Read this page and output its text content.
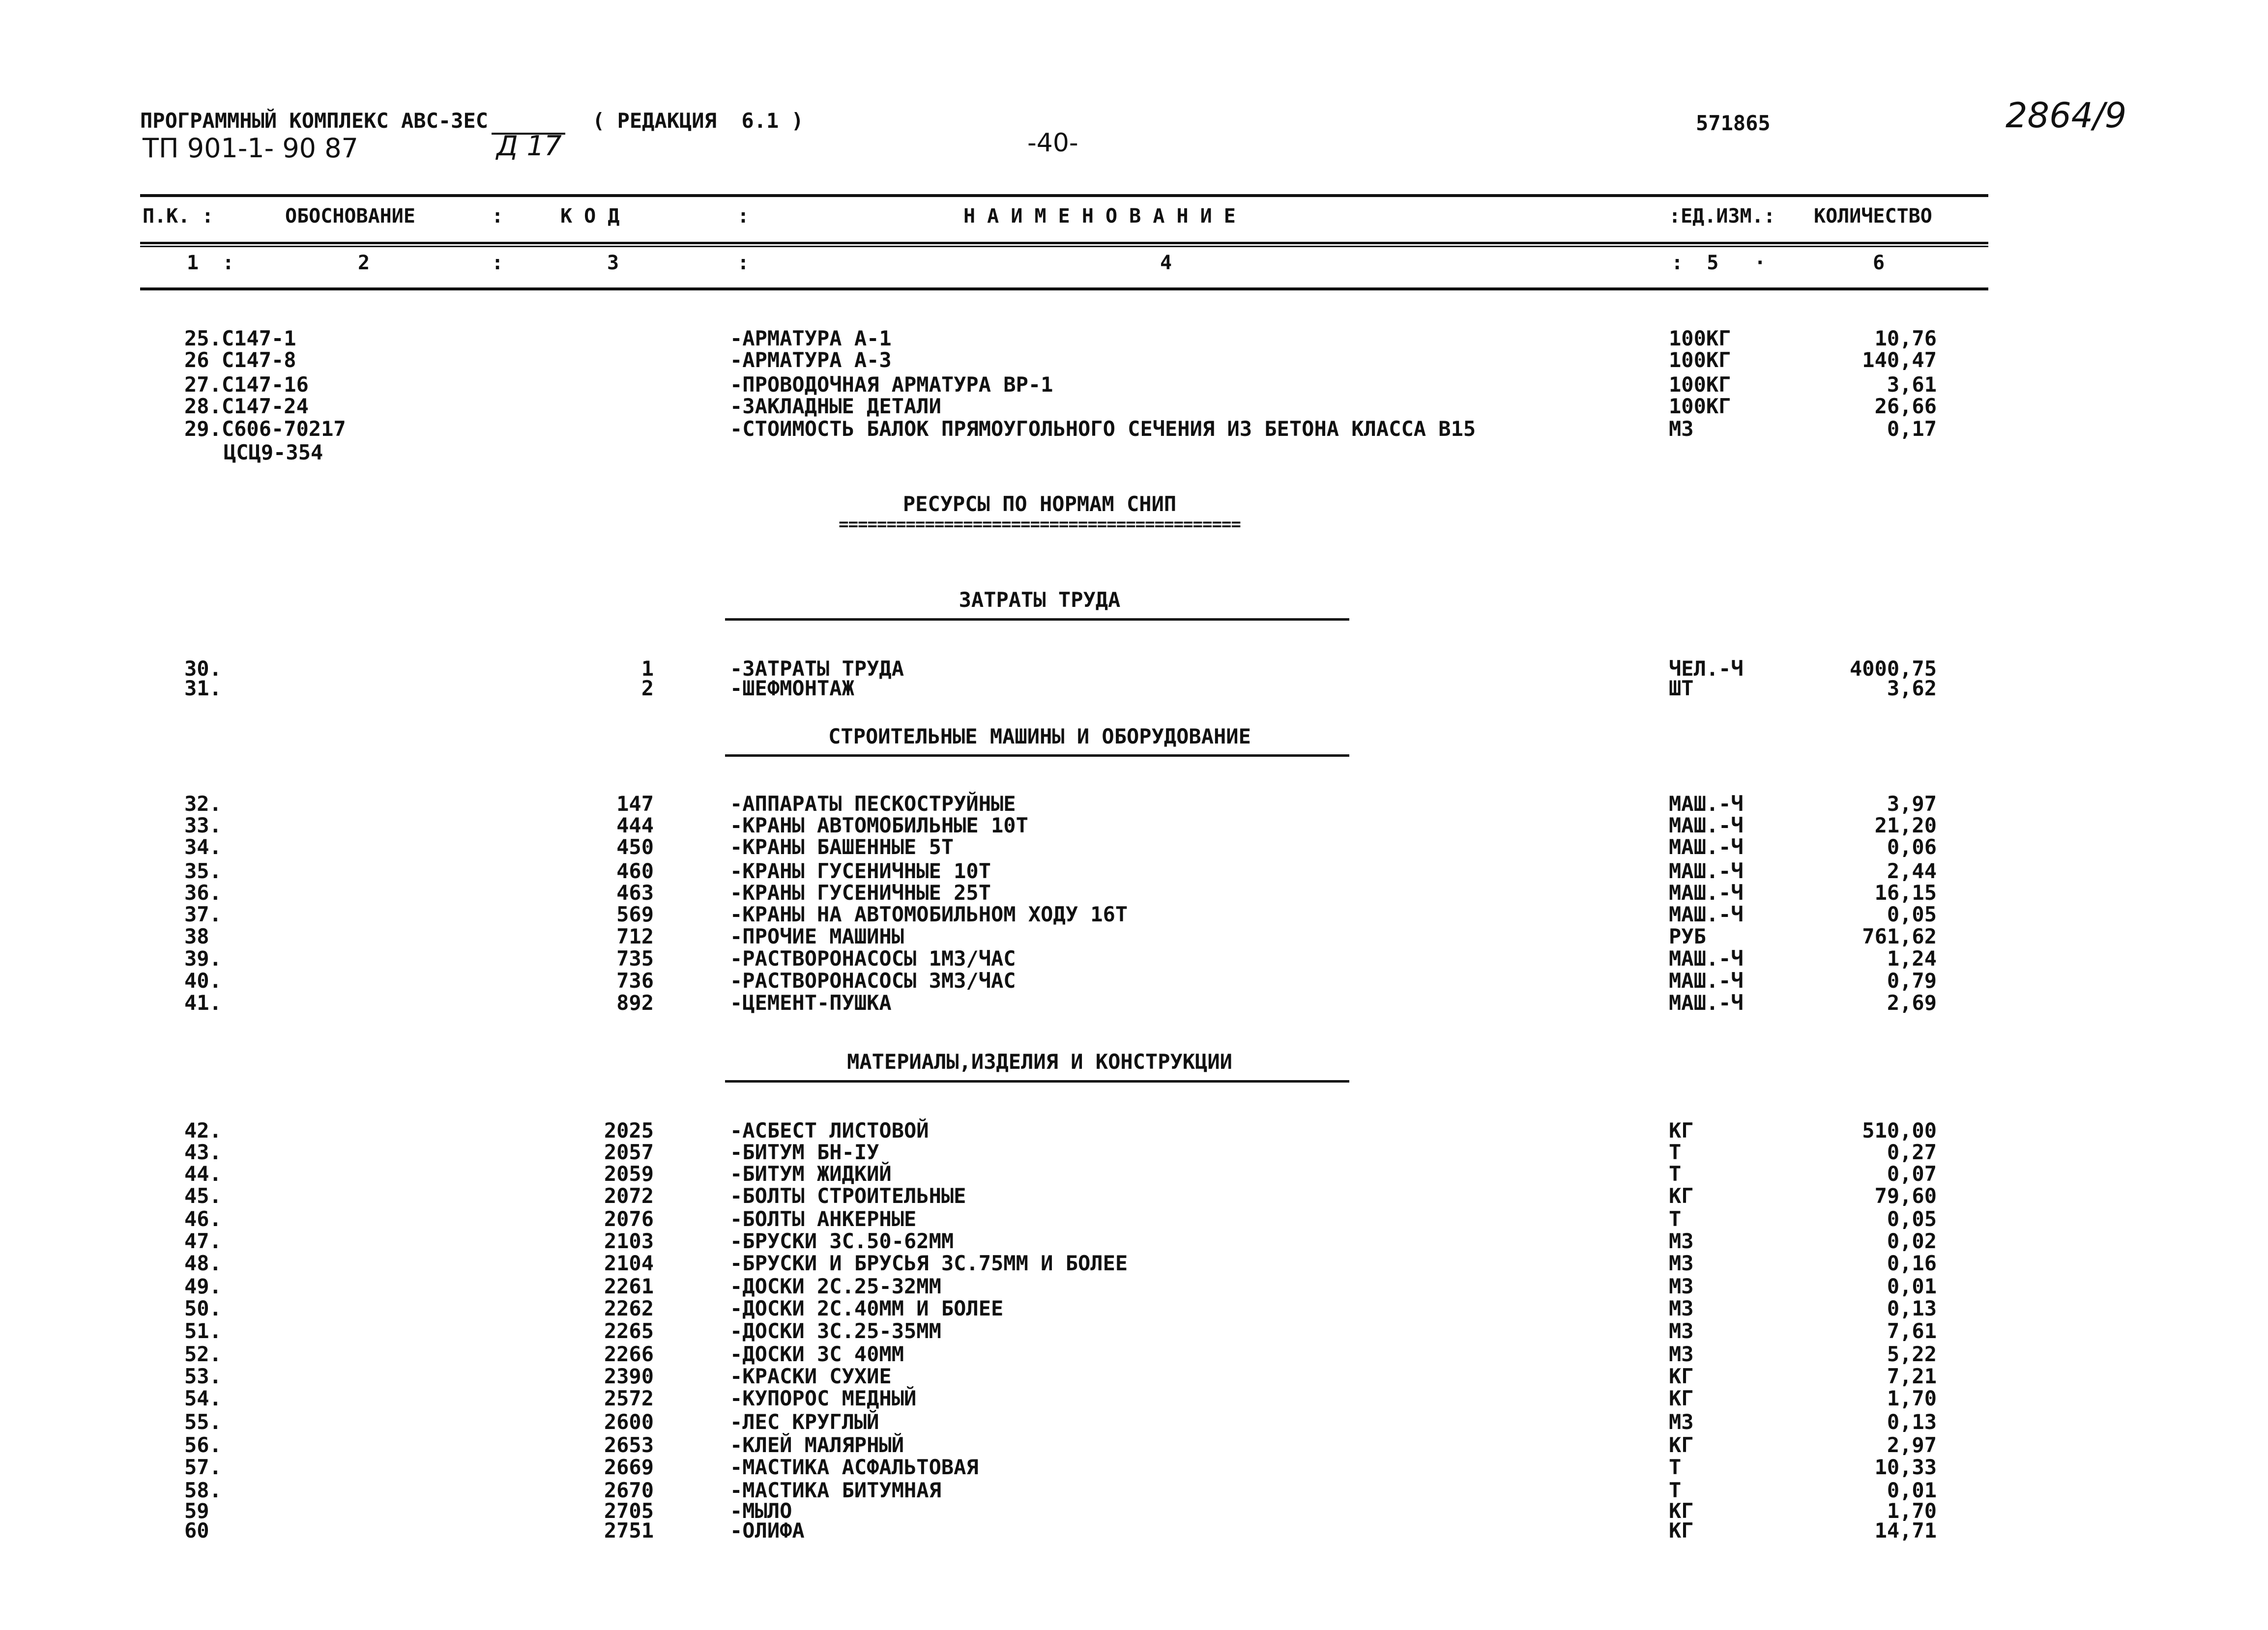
ПРОГРАММНЫЙ КОМПЛЕКС АВС-3ЕС	( РЕДАКЦИЯ  6.1 )	571865	2864/9
ТП 901-1- 90 87	Д 17	-40-
П.К. :	ОБОСНОВАНИЕ	:	К О Д	:	Н А И М Е Н О В А Н И Е	:ЕД.ИЗМ.: КОЛИЧЕСТВО
1  :	2	:	3	:	4	:  5   ·	6
25.С147-1	-АРМАТУРА А-1	100КГ	10,76
26 С147-8	-АРМАТУРА А-3	100КГ	140,47
27.С147-16	-ПРОВОДОЧНАЯ АРМАТУРА ВР-1	100КГ	3,61
28.С147-24	-ЗАКЛАДНЫЕ ДЕТАЛИ	100КГ	26,66
29.С606-70217	-СТОИМОСТЬ БАЛОК ПРЯМОУГОЛЬНОГО СЕЧЕНИЯ ИЗ БЕТОНА КЛАССА В15	М3	0,17
ЦСЦ9-354
РЕСУРСЫ ПО НОРМАМ СНИП
==========================================
ЗАТРАТЫ ТРУДА
30.	1	-ЗАТРАТЫ ТРУДА	ЧЕЛ.-Ч	4000,75
31.	2	-ШЕФМОНТАЖ	ШТ	3,62
СТРОИТЕЛЬНЫЕ МАШИНЫ И ОБОРУДОВАНИЕ
32.	147	-АППАРАТЫ ПЕСКОСТРУЙНЫЕ	МАШ.-Ч	3,97
33.	444	-КРАНЫ АВТОМОБИЛЬНЫЕ 10Т	МАШ.-Ч	21,20
34.	450	-КРАНЫ БАШЕННЫЕ 5Т	МАШ.-Ч	0,06
35.	460	-КРАНЫ ГУСЕНИЧНЫЕ 10Т	МАШ.-Ч	2,44
36.	463	-КРАНЫ ГУСЕНИЧНЫЕ 25Т	МАШ.-Ч	16,15
37.	569	-КРАНЫ НА АВТОМОБИЛЬНОМ ХОДУ 16Т	МАШ.-Ч	0,05
38	712	-ПРОЧИЕ МАШИНЫ	РУБ	761,62
39.	735	-РАСТВОРОНАСОСЫ 1М3/ЧАС	МАШ.-Ч	1,24
40.	736	-РАСТВОРОНАСОСЫ 3М3/ЧАС	МАШ.-Ч	0,79
41.	892	-ЦЕМЕНТ-ПУШКА	МАШ.-Ч	2,69
МАТЕРИАЛЫ,ИЗДЕЛИЯ И КОНСТРУКЦИИ
42.	2025	-АСБЕСТ ЛИСТОВОЙ	КГ	510,00
43.	2057	-БИТУМ БН-IУ	Т	0,27
44.	2059	-БИТУМ ЖИДКИЙ	Т	0,07
45.	2072	-БОЛТЫ СТРОИТЕЛЬНЫЕ	КГ	79,60
46.	2076	-БОЛТЫ АНКЕРНЫЕ	Т	0,05
47.	2103	-БРУСКИ 3С.50-62ММ	М3	0,02
48.	2104	-БРУСКИ И БРУСЬЯ 3С.75ММ И БОЛЕЕ	М3	0,16
49.	2261	-ДОСКИ 2С.25-32ММ	М3	0,01
50.	2262	-ДОСКИ 2С.40ММ И БОЛЕЕ	М3	0,13
51.	2265	-ДОСКИ 3С.25-35ММ	М3	7,61
52.	2266	-ДОСКИ 3С 40ММ	М3	5,22
53.	2390	-КРАСКИ СУХИЕ	КГ	7,21
54.	2572	-КУПОРОС МЕДНЫЙ	КГ	1,70
55.	2600	-ЛЕС КРУГЛЫЙ	М3	0,13
56.	2653	-КЛЕЙ МАЛЯРНЫЙ	КГ	2,97
57.	2669	-МАСТИКА АСФАЛЬТОВАЯ	Т	10,33
58.	2670	-МАСТИКА БИТУМНАЯ	Т	0,01
59	2705	-МЫЛО	КГ	1,70
60	2751	-ОЛИФА	КГ	14,71
